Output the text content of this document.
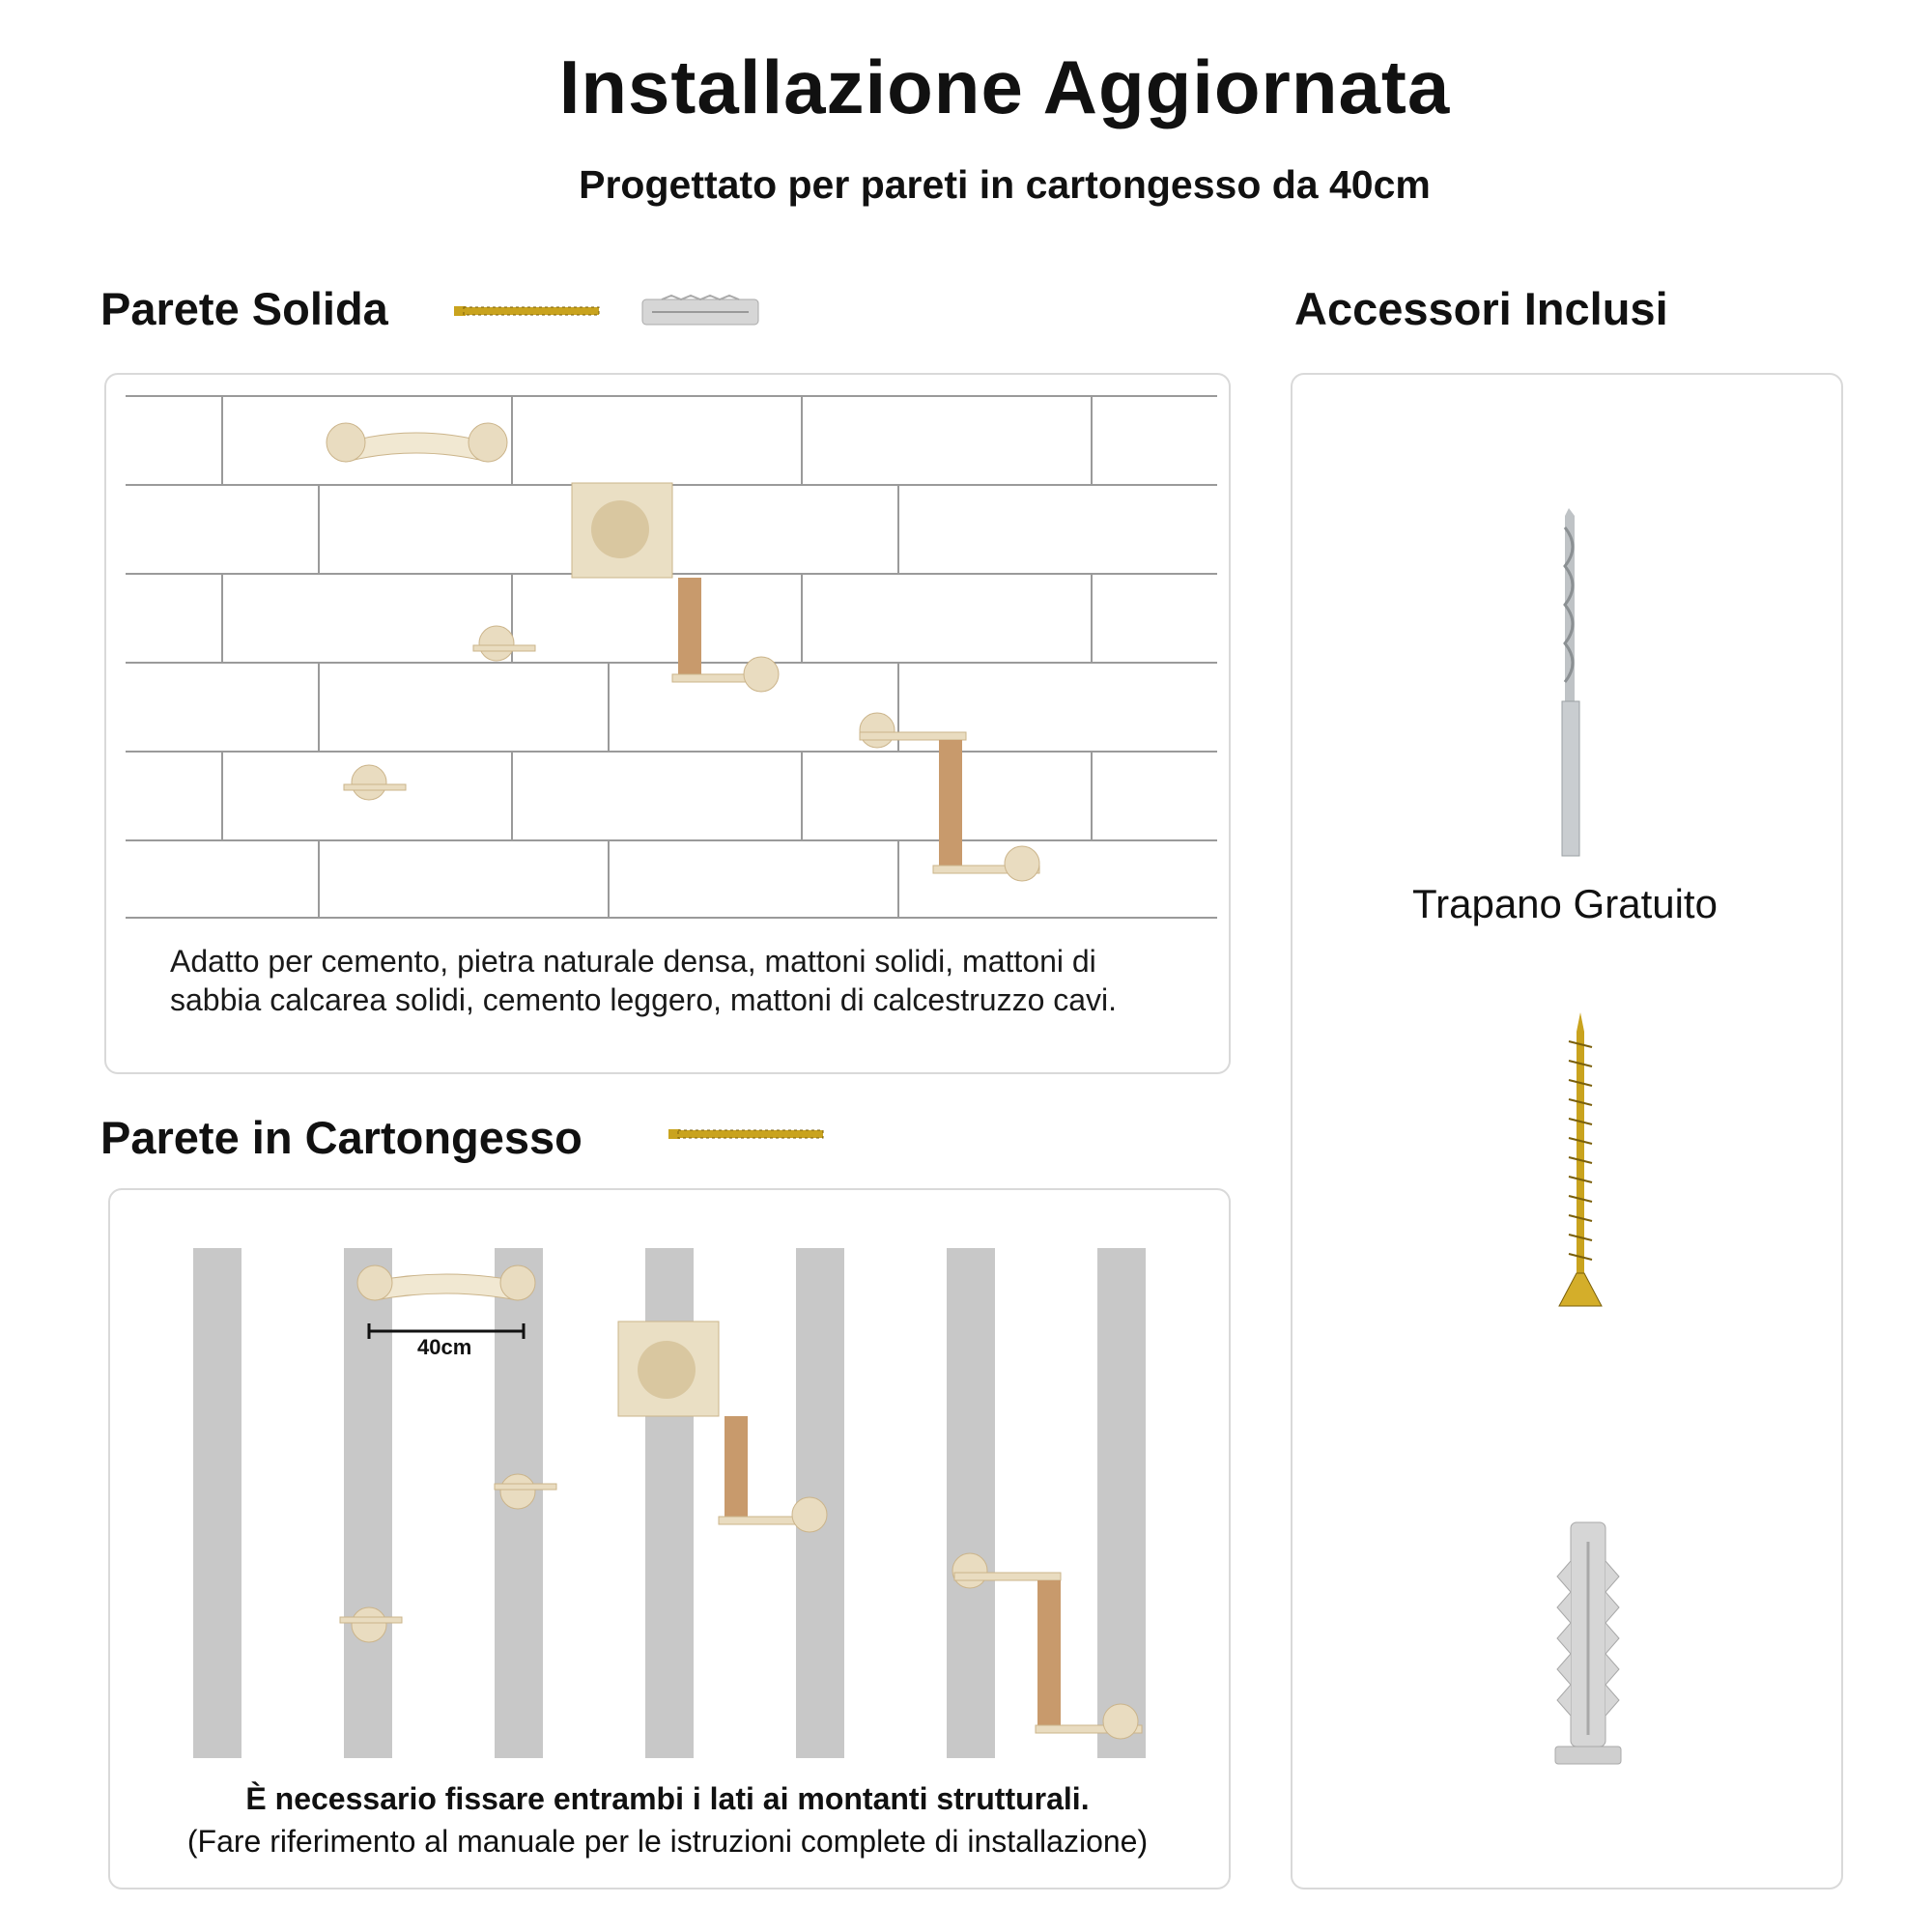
Installazione Aggiornata
Progettato per pareti in cartongesso da 40cm
Parete Solida
Adatto per cemento, pietra naturale densa, mattoni solidi, mattoni di sabbia calcarea solidi, cemento leggero, mattoni di calcestruzzo cavi.
Parete in Cartongesso
40cm
È necessario fissare entrambi i lati ai montanti strutturali.
(Fare riferimento al manuale per le istruzioni complete di installazione)
Accessori Inclusi
Trapano Gratuito
